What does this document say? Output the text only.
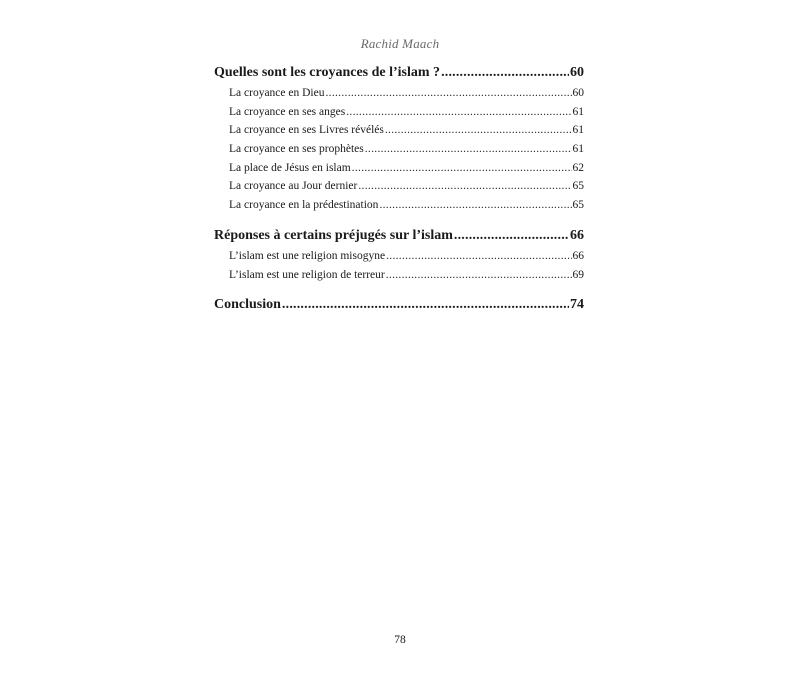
Rachid Maach
Quelles sont les croyances de l’islam ? .....	60
La croyance en Dieu .....	60
La croyance en ses anges .....	61
La croyance en ses Livres révélés .....	61
La croyance en ses prophètes .....	61
La place de Jésus en islam .....	62
La croyance au Jour dernier .....	65
La croyance en la prédestination .....	65
Réponses à certains préjugés sur l’islam .....	66
L’islam est une religion misogyne .....	66
L’islam est une religion de terreur .....	69
Conclusion .....	74
78
